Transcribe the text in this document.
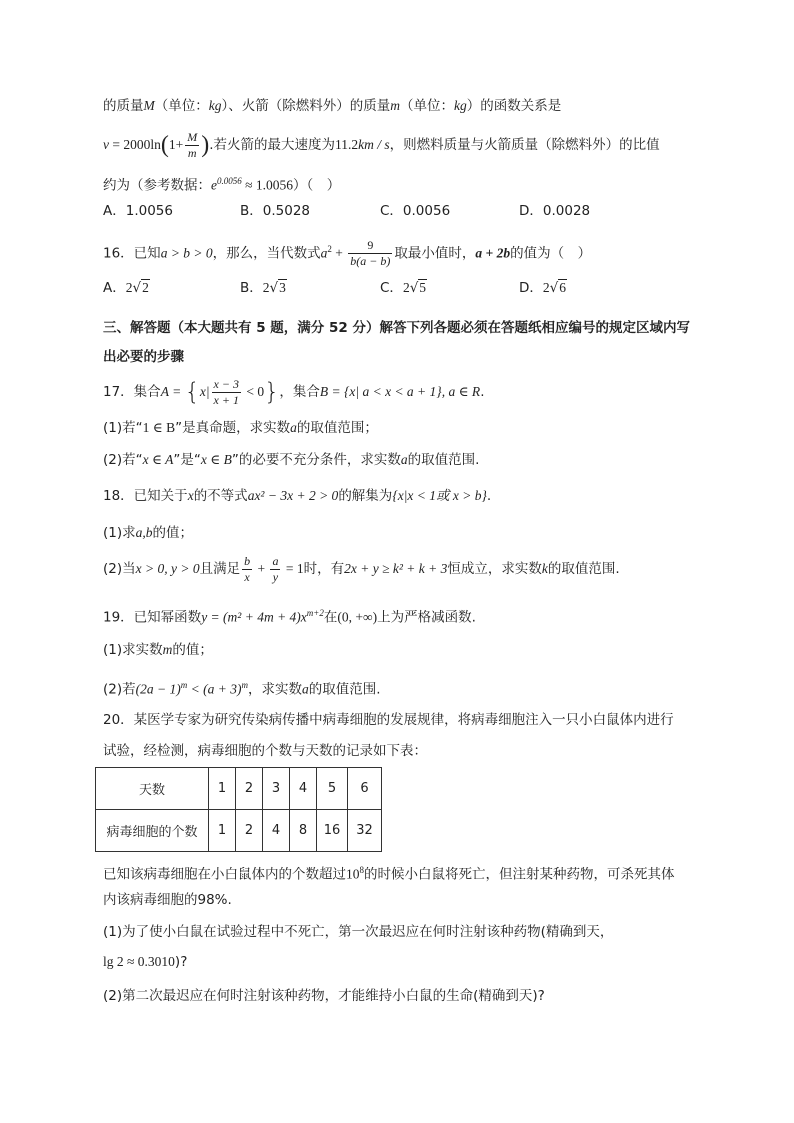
的质量M（单位：kg）、火箭（除燃料外）的质量m（单位：kg）的函数关系是
$v = 2000\ln(1+ \frac{M}{m}$ ).若火箭的最大速度为11.2km / s，则燃料质量与火箭质量（除燃料外）的比值
约为（参考数据：$e^{0.0056} \approx 1.0056$）（　）
A．1.0056	B．0.5028	C．0.0056	D．0.0028
16．已知a > b > 0，那么，当代数式$a^2 + \frac{9}{b(a - b)}$ 取最小值时，a + 2b的值为（　）
A．2√2	B．2√3	C．2√5	D．2√6
三、解答题（本大题共有 5 题，满分 52 分）解答下列各题必须在答题纸相应编号的规定区域内写
出必要的步骤
17．集合$A = \{x| \frac{x - 3}{x + 1} < 0\}$，集合B = {x| a < x < a + 1}, a ∈ R.
(1)若“1 ∈ B”是真命题，求实数a的取值范围；
(2)若“x ∈ A”是“x ∈ B”的必要不充分条件，求实数a的取值范围.
18．已知关于x的不等式ax² − 3x + 2 > 0的解集为{x|x < 1或 x > b}.
(1)求a,b的值；
(2)当x > 0, y > 0且满足 $\frac{b}{x} + \frac{a}{y} = 1$时，有2x + y ≥ k² + k + 3恒成立，求实数k的取值范围.
19．已知幂函数$y = (m^2 + 4m + 4)x^{m+2}$在(0, +∞)上为严格减函数.
(1)求实数m的值；
(2)若$(2a - 1)^m < (a + 3)^m$，求实数a的取值范围.
20．某医学专家为研究传染病传播中病毒细胞的发展规律，将病毒细胞注入一只小白鼠体内进行
试验，经检测，病毒细胞的个数与天数的记录如下表：
天数	1	2	3	4	5	6
病毒细胞的个数	1	2	4	8	16	32
已知该病毒细胞在小白鼠体内的个数超过$10^8$的时候小白鼠将死亡，但注射某种药物，可杀死其体
内该病毒细胞的98%.
(1)为了使小白鼠在试验过程中不死亡，第一次最迟应在何时注射该种药物(精确到天，
lg 2 ≈ 0.3010)?
(2)第二次最迟应在何时注射该种药物，才能维持小白鼠的生命(精确到天)?
